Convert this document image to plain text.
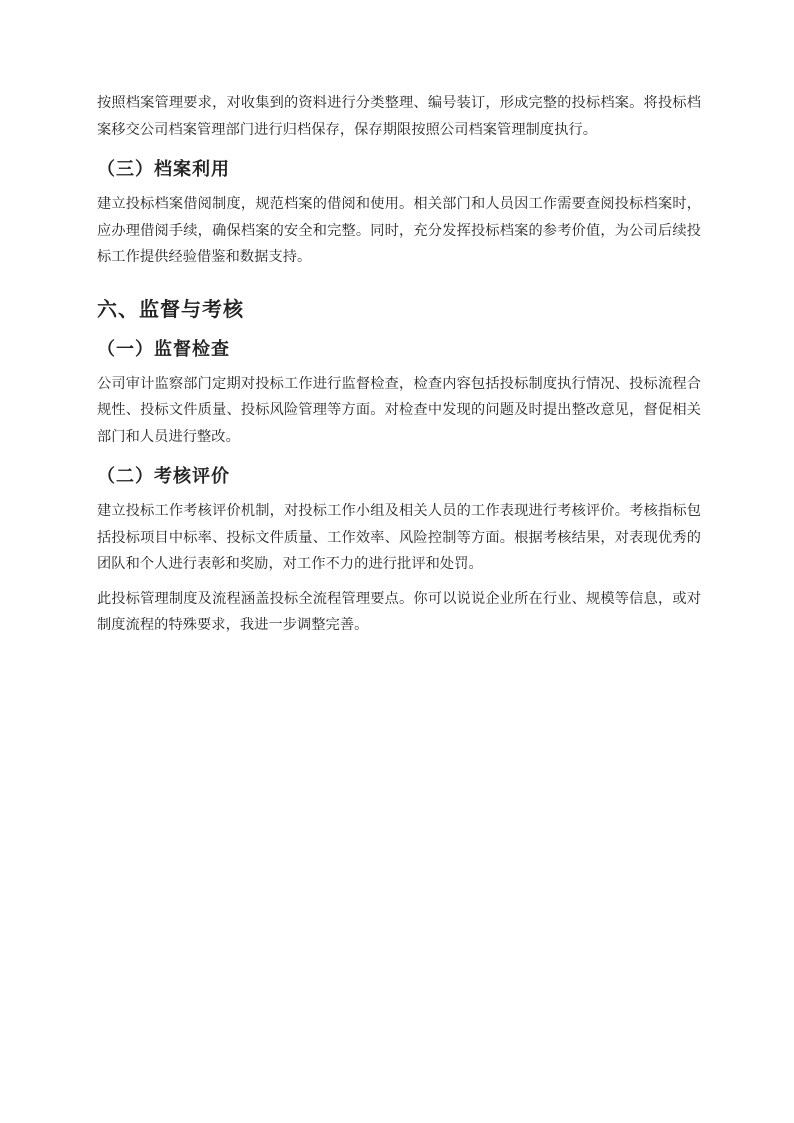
按照档案管理要求，对收集到的资料进行分类整理、编号装订，形成完整的投标档案。将投标档案移交公司档案管理部门进行归档保存，保存期限按照公司档案管理制度执行。

（三）档案利用

建立投标档案借阅制度，规范档案的借阅和使用。相关部门和人员因工作需要查阅投标档案时，应办理借阅手续，确保档案的安全和完整。同时，充分发挥投标档案的参考价值，为公司后续投标工作提供经验借鉴和数据支持。

六、监督与考核
（一）监督检查

公司审计监察部门定期对投标工作进行监督检查，检查内容包括投标制度执行情况、投标流程合规性、投标文件质量、投标风险管理等方面。对检查中发现的问题及时提出整改意见，督促相关部门和人员进行整改。

（二）考核评价

建立投标工作考核评价机制，对投标工作小组及相关人员的工作表现进行考核评价。考核指标包括投标项目中标率、投标文件质量、工作效率、风险控制等方面。根据考核结果，对表现优秀的团队和个人进行表彰和奖励，对工作不力的进行批评和处罚。

此投标管理制度及流程涵盖投标全流程管理要点。你可以说说企业所在行业、规模等信息，或对制度流程的特殊要求，我进一步调整完善。
